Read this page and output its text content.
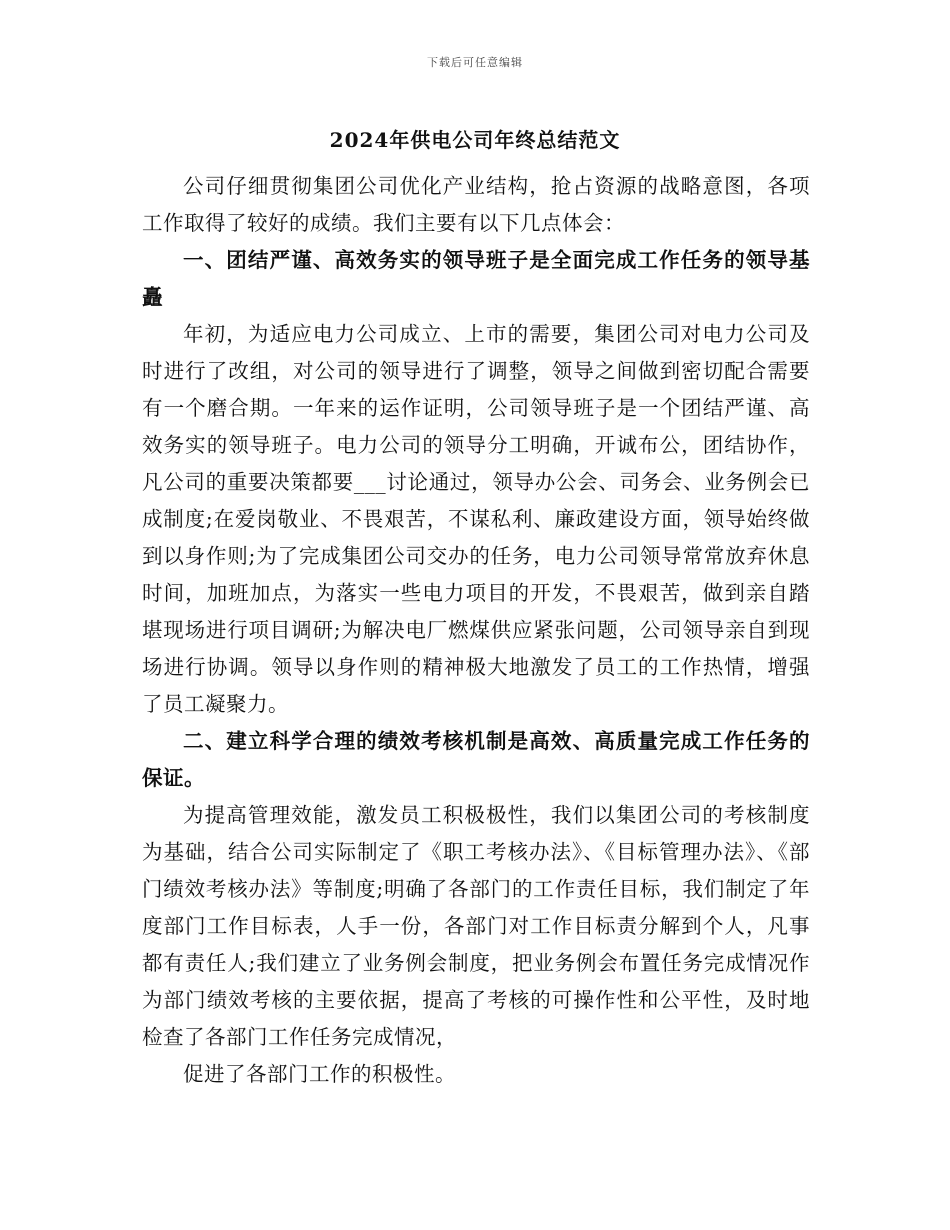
下载后可任意编辑
2024年供电公司年终总结范文

公司仔细贯彻集团公司优化产业结构，抢占资源的战略意图，各项工作取得了较好的成绩。我们主要有以下几点体会：

一、团结严谨、高效务实的领导班子是全面完成工作任务的领导基矗

年初，为适应电力公司成立、上市的需要，集团公司对电力公司及时进行了改组，对公司的领导进行了调整，领导之间做到密切配合需要有一个磨合期。一年来的运作证明，公司领导班子是一个团结严谨、高效务实的领导班子。电力公司的领导分工明确，开诚布公，团结协作，凡公司的重要决策都要___讨论通过，领导办公会、司务会、业务例会已成制度;在爱岗敬业、不畏艰苦，不谋私利、廉政建设方面，领导始终做到以身作则;为了完成集团公司交办的任务，电力公司领导常常放弃休息时间，加班加点，为落实一些电力项目的开发，不畏艰苦，做到亲自踏堪现场进行项目调研;为解决电厂燃煤供应紧张问题，公司领导亲自到现场进行协调。领导以身作则的精神极大地激发了员工的工作热情，增强了员工凝聚力。

二、建立科学合理的绩效考核机制是高效、高质量完成工作任务的保证。

为提高管理效能，激发员工积极极性，我们以集团公司的考核制度为基础，结合公司实际制定了《职工考核办法》、《目标管理办法》、《部门绩效考核办法》等制度;明确了各部门的工作责任目标，我们制定了年度部门工作目标表，人手一份，各部门对工作目标责分解到个人，凡事都有责任人;我们建立了业务例会制度，把业务例会布置任务完成情况作为部门绩效考核的主要依据，提高了考核的可操作性和公平性，及时地检查了各部门工作任务完成情况，

促进了各部门工作的积极性。
